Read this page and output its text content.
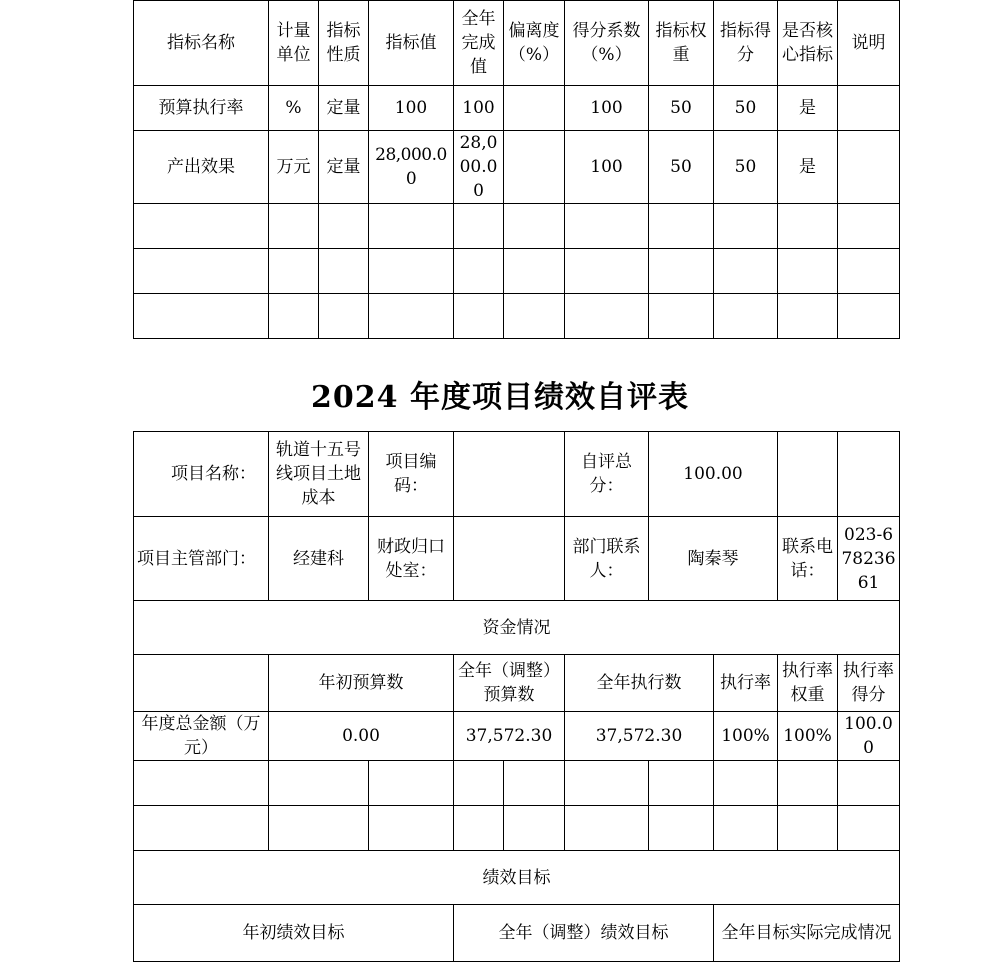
指标名称	计量单位	指标性质	指标值	全年完成值	偏离度（%）	得分系数（%）	指标权重	指标得分	是否核心指标	说明
预算执行率	%	定量	100	100		100	50	50	是	
产出效果	万元	定量	28,000.00	28,000.00		100	50	50	是	

2024 年度项目绩效自评表
项目名称：	轨道十五号线项目土地成本	项目编码：			自评总分：	100.00			
项目主管部门：	经建科	财政归口处室：			部门联系人：	陶秦琴		联系电话：	023-67823661
资金情况									
	年初预算数		全年（调整）预算数		全年执行数		执行率	执行率权重	执行率得分
年度总金额（万元）	0.00		37,572.30		37,572.30		100%	100%	100.00

绩效目标									
年初绩效目标			全年（调整）绩效目标				全年目标实际完成情况		
